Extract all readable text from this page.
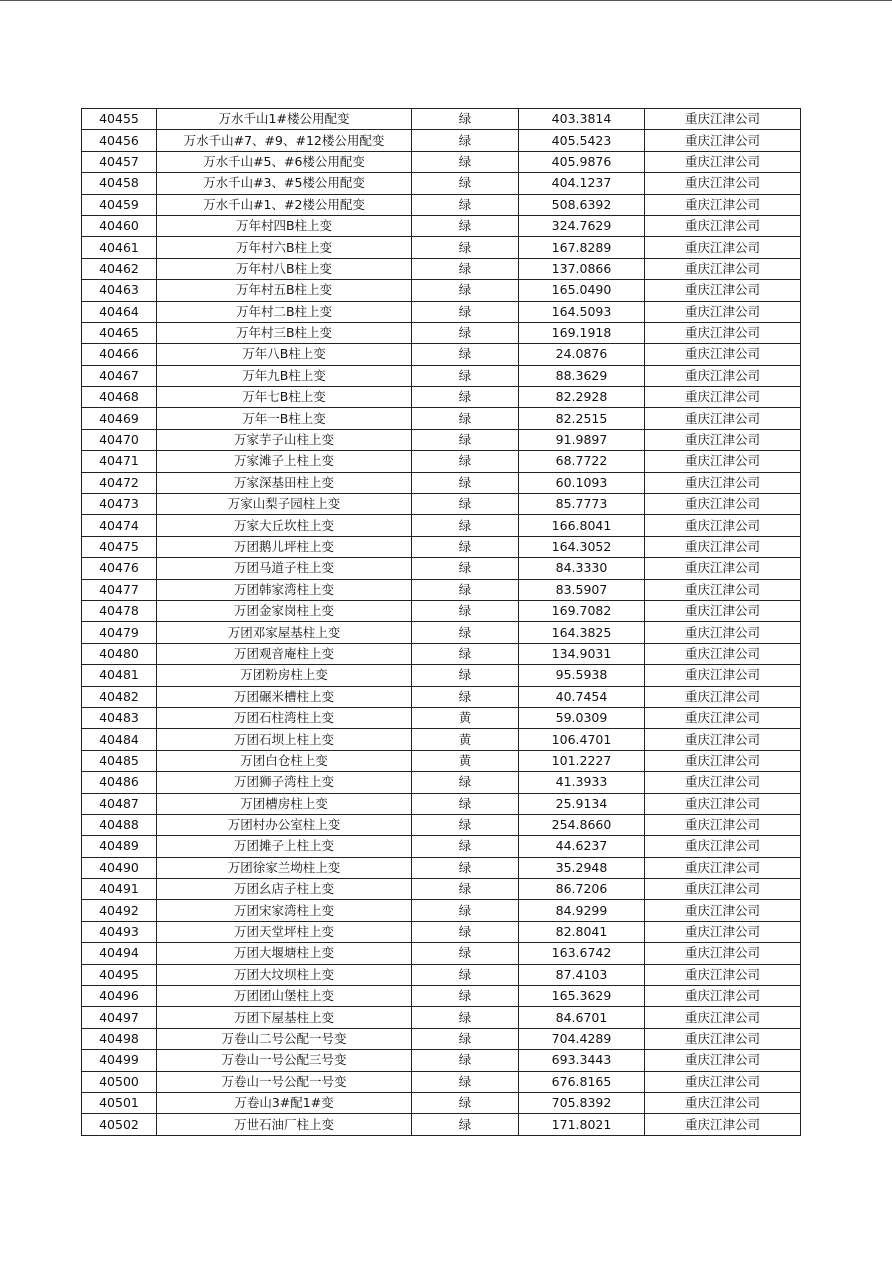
40455	万水千山1#楼公用配变	绿	403.3814	重庆江津公司
40456	万水千山#7、#9、#12楼公用配变	绿	405.5423	重庆江津公司
40457	万水千山#5、#6楼公用配变	绿	405.9876	重庆江津公司
40458	万水千山#3、#5楼公用配变	绿	404.1237	重庆江津公司
40459	万水千山#1、#2楼公用配变	绿	508.6392	重庆江津公司
40460	万年村四B柱上变	绿	324.7629	重庆江津公司
40461	万年村六B柱上变	绿	167.8289	重庆江津公司
40462	万年村八B柱上变	绿	137.0866	重庆江津公司
40463	万年村五B柱上变	绿	165.0490	重庆江津公司
40464	万年村二B柱上变	绿	164.5093	重庆江津公司
40465	万年村三B柱上变	绿	169.1918	重庆江津公司
40466	万年八B柱上变	绿	24.0876	重庆江津公司
40467	万年九B柱上变	绿	88.3629	重庆江津公司
40468	万年七B柱上变	绿	82.2928	重庆江津公司
40469	万年一B柱上变	绿	82.2515	重庆江津公司
40470	万家芋子山柱上变	绿	91.9897	重庆江津公司
40471	万家滩子上柱上变	绿	68.7722	重庆江津公司
40472	万家深基田柱上变	绿	60.1093	重庆江津公司
40473	万家山梨子园柱上变	绿	85.7773	重庆江津公司
40474	万家大丘坎柱上变	绿	166.8041	重庆江津公司
40475	万团鹅儿坪柱上变	绿	164.3052	重庆江津公司
40476	万团马道子柱上变	绿	84.3330	重庆江津公司
40477	万团韩家湾柱上变	绿	83.5907	重庆江津公司
40478	万团金家岗柱上变	绿	169.7082	重庆江津公司
40479	万团邓家屋基柱上变	绿	164.3825	重庆江津公司
40480	万团观音庵柱上变	绿	134.9031	重庆江津公司
40481	万团粉房柱上变	绿	95.5938	重庆江津公司
40482	万团碾米槽柱上变	绿	40.7454	重庆江津公司
40483	万团石柱湾柱上变	黄	59.0309	重庆江津公司
40484	万团石坝上柱上变	黄	106.4701	重庆江津公司
40485	万团白仓柱上变	黄	101.2227	重庆江津公司
40486	万团狮子湾柱上变	绿	41.3933	重庆江津公司
40487	万团槽房柱上变	绿	25.9134	重庆江津公司
40488	万团村办公室柱上变	绿	254.8660	重庆江津公司
40489	万团摊子上柱上变	绿	44.6237	重庆江津公司
40490	万团徐家兰坳柱上变	绿	35.2948	重庆江津公司
40491	万团幺店子柱上变	绿	86.7206	重庆江津公司
40492	万团宋家湾柱上变	绿	84.9299	重庆江津公司
40493	万团天堂坪柱上变	绿	82.8041	重庆江津公司
40494	万团大堰塘柱上变	绿	163.6742	重庆江津公司
40495	万团大坟坝柱上变	绿	87.4103	重庆江津公司
40496	万团团山堡柱上变	绿	165.3629	重庆江津公司
40497	万团下屋基柱上变	绿	84.6701	重庆江津公司
40498	万卷山二号公配一号变	绿	704.4289	重庆江津公司
40499	万卷山一号公配三号变	绿	693.3443	重庆江津公司
40500	万卷山一号公配一号变	绿	676.8165	重庆江津公司
40501	万卷山3#配1#变	绿	705.8392	重庆江津公司
40502	万世石油厂柱上变	绿	171.8021	重庆江津公司
